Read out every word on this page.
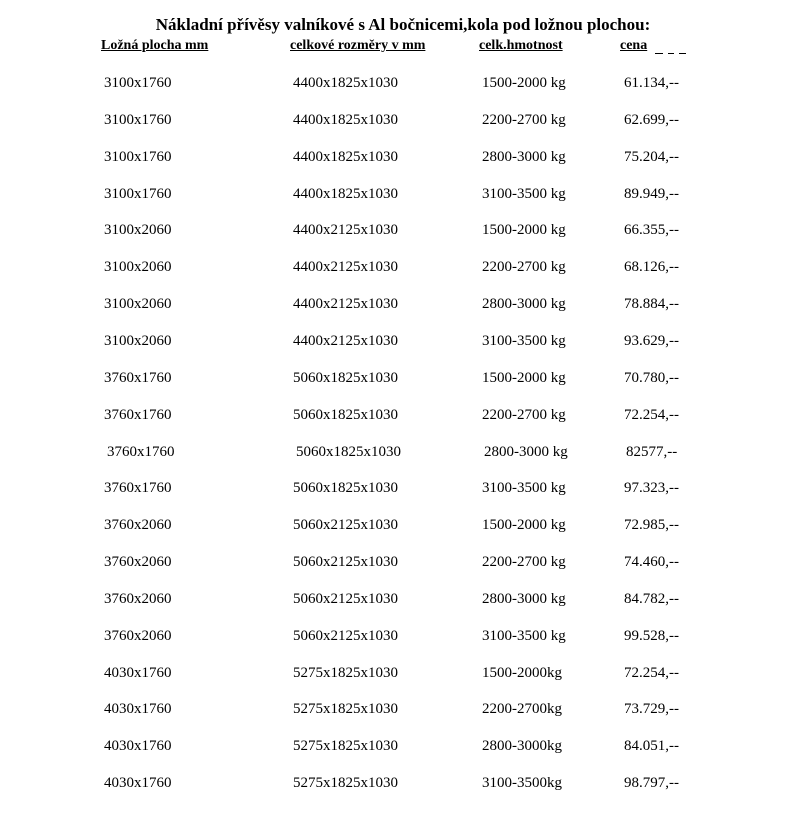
Nákladní přívěsy valníkové s Al bočnicemi,kola pod ložnou plochou:
Ložná plocha mm	celkové rozměry v mm	celk.hmotnost	cena
3100x1760	4400x1825x1030	1500-2000 kg	61.134,--
3100x1760	4400x1825x1030	2200-2700 kg	62.699,--
3100x1760	4400x1825x1030	2800-3000 kg	75.204,--
3100x1760	4400x1825x1030	3100-3500 kg	89.949,--
3100x2060	4400x2125x1030	1500-2000 kg	66.355,--
3100x2060	4400x2125x1030	2200-2700 kg	68.126,--
3100x2060	4400x2125x1030	2800-3000 kg	78.884,--
3100x2060	4400x2125x1030	3100-3500 kg	93.629,--
3760x1760	5060x1825x1030	1500-2000 kg	70.780,--
3760x1760	5060x1825x1030	2200-2700 kg	72.254,--
3760x1760	5060x1825x1030	2800-3000 kg	82577,--
3760x1760	5060x1825x1030	3100-3500 kg	97.323,--
3760x2060	5060x2125x1030	1500-2000 kg	72.985,--
3760x2060	5060x2125x1030	2200-2700 kg	74.460,--
3760x2060	5060x2125x1030	2800-3000 kg	84.782,--
3760x2060	5060x2125x1030	3100-3500 kg	99.528,--
4030x1760	5275x1825x1030	1500-2000kg	72.254,--
4030x1760	5275x1825x1030	2200-2700kg	73.729,--
4030x1760	5275x1825x1030	2800-3000kg	84.051,--
4030x1760	5275x1825x1030	3100-3500kg	98.797,--
